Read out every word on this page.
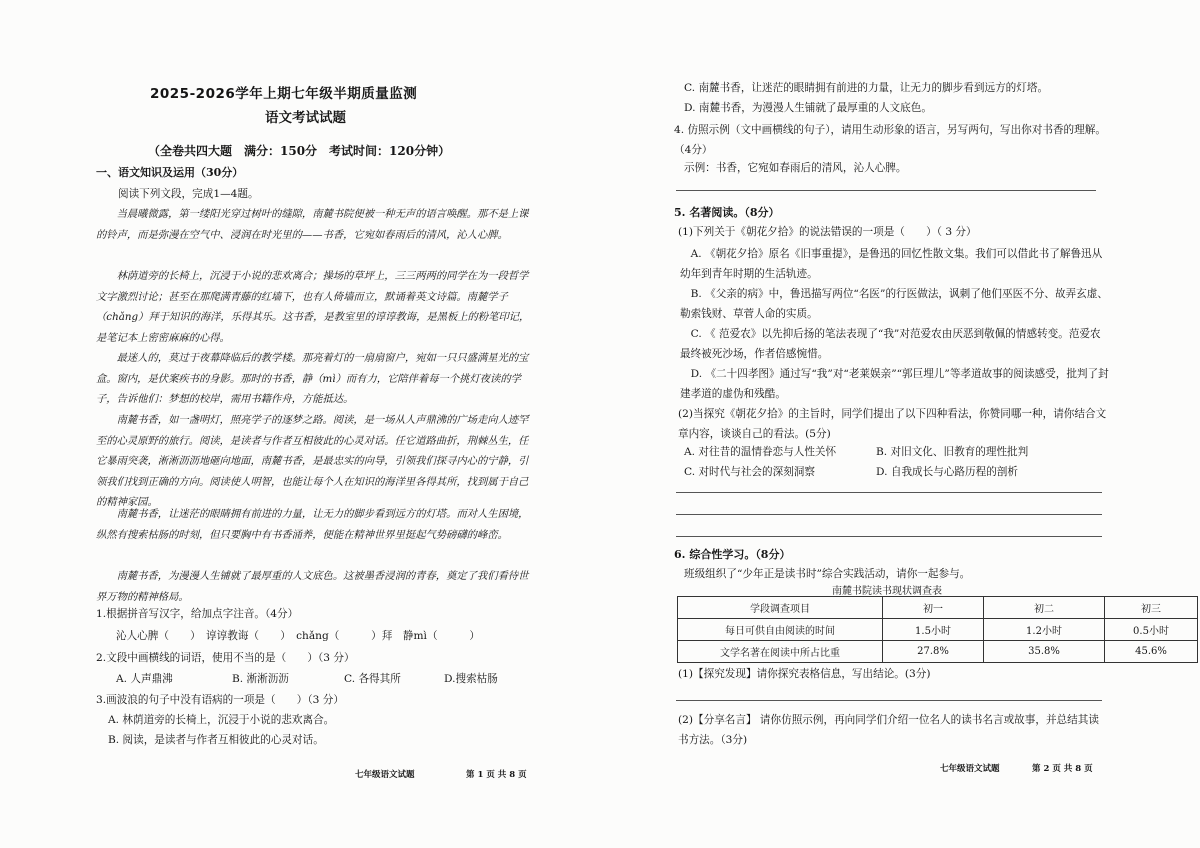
2025-2026学年上期七年级半期质量监测
语文考试试题
（全卷共四大题　满分：150分　考试时间：120分钟）
一、语文知识及运用（30分）
阅读下列文段，完成1—4题。
当晨曦微露，第一缕阳光穿过树叶的缝隙，南麓书院便被一种无声的语言唤醒。那不是上课的铃声，而是弥漫在空气中、浸润在时光里的——书香，它宛如春雨后的清风，沁人心脾。
林荫道旁的长椅上，沉浸于小说的悲欢离合；操场的草坪上，三三两两的同学在为一段哲学文字激烈讨论；甚至在那爬满青藤的红墙下，也有人倚墙而立，默诵着英文诗篇。南麓学子（chǎng）拜于知识的海洋，乐得其乐。这书香，是教室里的谆谆教诲，是黑板上的粉笔印记，是笔记本上密密麻麻的心得。
最迷人的，莫过于夜幕降临后的教学楼。那亮着灯的一扇扇窗户，宛如一只只盛满星光的宝盒。窗内，是伏案疾书的身影。那时的书香，静（mì）而有力，它陪伴着每一个挑灯夜读的学子，告诉他们：梦想的校岸，需用书籍作舟，方能抵达。
南麓书香，如一盏明灯，照亮学子的逐梦之路。阅读，是一场从人声鼎沸的广场走向人迹罕至的心灵原野的旅行。阅读，是读者与作者互相彼此的心灵对话。任它道路曲折，荆棘丛生，任它暴雨突袭，淅淅沥沥地砸向地面，南麓书香，是最忠实的向导，引领我们探寻内心的宁静，引领我们找到正确的方向。阅读使人明智，也能让每个人在知识的海洋里各得其所，找到属于自己的精神家园。
南麓书香，让迷茫的眼睛拥有前进的力量，让无力的脚步看到远方的灯塔。而对人生困境，纵然有搜索枯肠的时刻，但只要胸中有书香涌养，便能在精神世界里挺起气势磅礴的峰峦。
南麓书香，为漫漫人生铺就了最厚重的人文底色。这被墨香浸润的青春，奠定了我们看待世界万物的精神格局。
1.根据拼音写汉字，给加点字注音。（4分）
沁人心脾（　　）　谆谆教诲（　　）　chǎng（　　　）拜　静mì（　　　）
2.文段中画横线的词语，使用不当的是（　　）（3 分）
A. 人声鼎沸	B. 淅淅沥沥	C. 各得其所	D.搜索枯肠
3.画波浪的句子中没有语病的一项是（　　）（3 分）
A. 林荫道旁的长椅上，沉浸于小说的悲欢离合。
B. 阅读，是读者与作者互相彼此的心灵对话。
七年级语文试题	第 1 页 共 8 页
C. 南麓书香，让迷茫的眼睛拥有前进的力量，让无力的脚步看到远方的灯塔。
D. 南麓书香，为漫漫人生铺就了最厚重的人文底色。
4. 仿照示例（文中画横线的句子），请用生动形象的语言，另写两句，写出你对书香的理解。（4分）
示例：书香，它宛如春雨后的清风，沁人心脾。
5. 名著阅读。（8分）
(1)下列关于《朝花夕拾》的说法错误的一项是（　　）（ 3 分）
A. 《朝花夕拾》原名《旧事重提》，是鲁迅的回忆性散文集。我们可以借此书了解鲁迅从幼年到青年时期的生活轨迹。
B. 《父亲的病》中，鲁迅描写两位“名医”的行医做法，讽刺了他们巫医不分、故弄玄虚、勒索钱财、草菅人命的实质。
C. 《 范爱农》以先抑后扬的笔法表现了“我”对范爱农由厌恶到敬佩的情感转变。范爱农最终被死沙场，作者倍感惋惜。
D. 《二十四孝图》通过写“我”对“老莱娱亲”“郭巨埋儿”等孝道故事的阅读感受，批判了封建孝道的虚伪和残酷。
(2)当探究《朝花夕拾》的主旨时，同学们提出了以下四种看法，你赞同哪一种，请你结合文章内容，谈谈自己的看法。(5分)
A. 对往昔的温情眷恋与人性关怀	B. 对旧文化、旧教育的理性批判
C. 对时代与社会的深刻洞察	D. 自我成长与心路历程的剖析
6. 综合性学习。（8分）
班级组织了“少年正是读书时”综合实践活动，请你一起参与。
南麓书院读书现状调查表
(1)【探究发现】请你探究表格信息，写出结论。(3分)
(2)【分享名言】 请你仿照示例，再向同学们介绍一位名人的读书名言或故事，并总结其读书方法。（3分)
七年级语文试题	第 2 页 共 8 页
学段调查项目	初一	初二	初三
每日可供自由阅读的时间	1.5小时	1.2小时	0.5小时
文学名著在阅读中所占比重	27.8%	35.8%	45.6%
